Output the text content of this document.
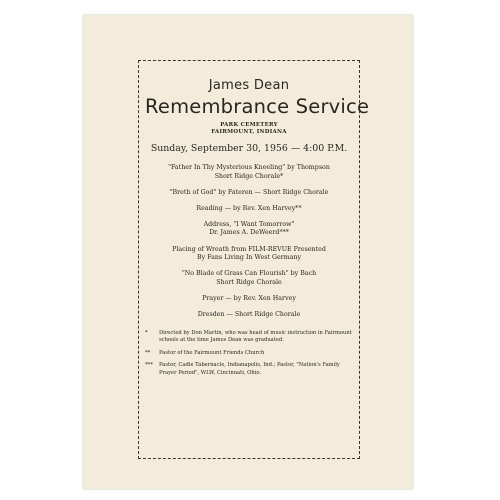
James Dean
Remembrance Service
PARK CEMETERY
FAIRMOUNT, INDIANA
Sunday, September 30, 1956 — 4:00 P.M.
"Father In Thy Mysterious Kneeling" by Thompson
Short Ridge Chorale*
"Breth of God" by Fateren — Short Ridge Chorale
Reading — by Rev. Xen Harvey**
Address, "I Want Tomorrow"
Dr. James A. DeWeerd***
Placing of Wreath from FILM-REVUE Presented
By Fans Living In West Germany
"No Blade of Grass Can Flourish" by Bach
Short Ridge Chorale
Prayer — by Rev. Xen Harvey
Dresden — Short Ridge Chorale
*	Directed by Don Martin, who was head of music instruction in Fairmount schools at the time James Dean was graduated.
**	Pastor of the Fairmount Friends Church
***	Pastor, Cadle Tabernacle, Indianapolis, Ind.; Pastor, "Nation's Family Prayer Period", WLW, Cincinnati, Ohio.
